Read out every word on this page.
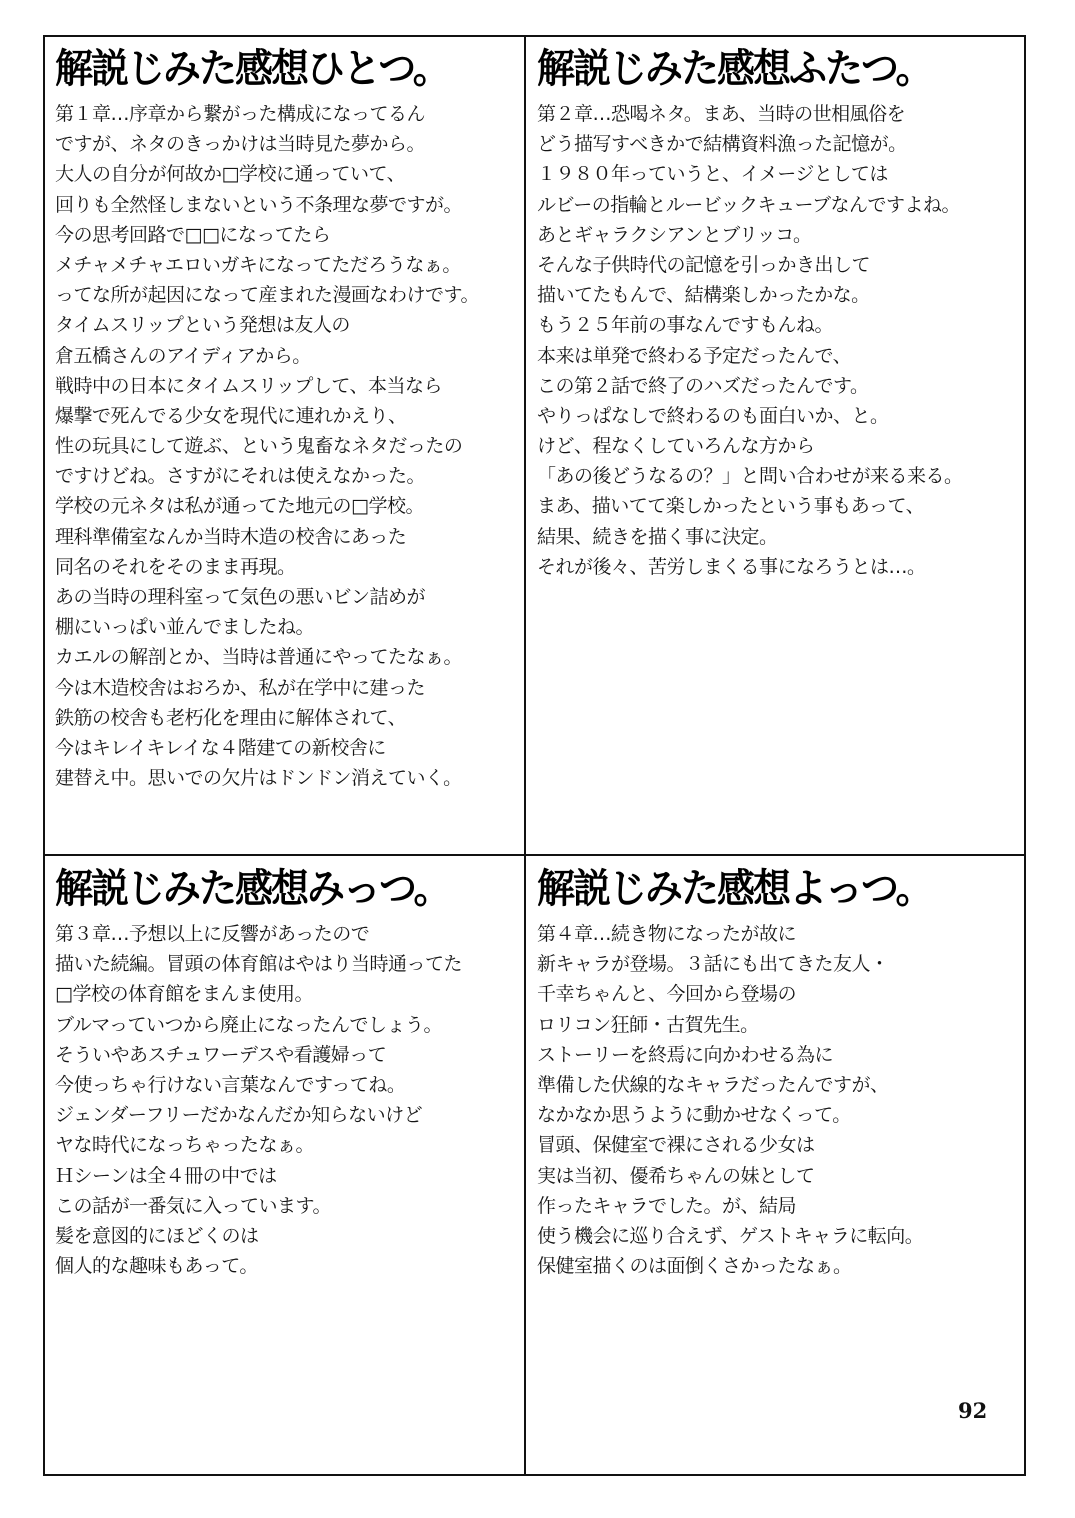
解説じみた感想ひとつ。
第１章…序章から繋がった構成になってるん
ですが、ネタのきっかけは当時見た夢から。
大人の自分が何故か□学校に通っていて、
回りも全然怪しまないという不条理な夢ですが。
今の思考回路で□□になってたら
メチャメチャエロいガキになってただろうなぁ。
ってな所が起因になって産まれた漫画なわけです。
タイムスリップという発想は友人の
倉五橋さんのアイディアから。
戦時中の日本にタイムスリップして、本当なら
爆撃で死んでる少女を現代に連れかえり、
性の玩具にして遊ぶ、という鬼畜なネタだったの
ですけどね。さすがにそれは使えなかった。
学校の元ネタは私が通ってた地元の□学校。
理科準備室なんか当時木造の校舎にあった
同名のそれをそのまま再現。
あの当時の理科室って気色の悪いビン詰めが
棚にいっぱい並んでましたね。
カエルの解剖とか、当時は普通にやってたなぁ。
今は木造校舎はおろか、私が在学中に建った
鉄筋の校舎も老朽化を理由に解体されて、
今はキレイキレイな４階建ての新校舎に
建替え中。思いでの欠片はドンドン消えていく。
解説じみた感想ふたつ。
第２章…恐喝ネタ。まあ、当時の世相風俗を
どう描写すべきかで結構資料漁った記憶が。
１９８０年っていうと、イメージとしては
ルビーの指輪とルービックキューブなんですよね。
あとギャラクシアンとブリッコ。
そんな子供時代の記憶を引っかき出して
描いてたもんで、結構楽しかったかな。
もう２５年前の事なんですもんね。
本来は単発で終わる予定だったんで、
この第２話で終了のハズだったんです。
やりっぱなしで終わるのも面白いか、と。
けど、程なくしていろんな方から
「あの後どうなるの？」と問い合わせが来る来る。
まあ、描いてて楽しかったという事もあって、
結果、続きを描く事に決定。
それが後々、苦労しまくる事になろうとは…。
解説じみた感想みっつ。
第３章…予想以上に反響があったので
描いた続編。冒頭の体育館はやはり当時通ってた
□学校の体育館をまんま使用。
ブルマっていつから廃止になったんでしょう。
そういやあスチュワーデスや看護婦って
今使っちゃ行けない言葉なんですってね。
ジェンダーフリーだかなんだか知らないけど
ヤな時代になっちゃったなぁ。
Ｈシーンは全４冊の中では
この話が一番気に入っています。
髪を意図的にほどくのは
個人的な趣味もあって。
解説じみた感想よっつ。
第４章…続き物になったが故に
新キャラが登場。３話にも出てきた友人・
千幸ちゃんと、今回から登場の
ロリコン狂師・古賀先生。
ストーリーを終焉に向かわせる為に
準備した伏線的なキャラだったんですが、
なかなか思うように動かせなくって。
冒頭、保健室で裸にされる少女は
実は当初、優希ちゃんの妹として
作ったキャラでした。が、結局
使う機会に巡り合えず、ゲストキャラに転向。
保健室描くのは面倒くさかったなぁ。
92
